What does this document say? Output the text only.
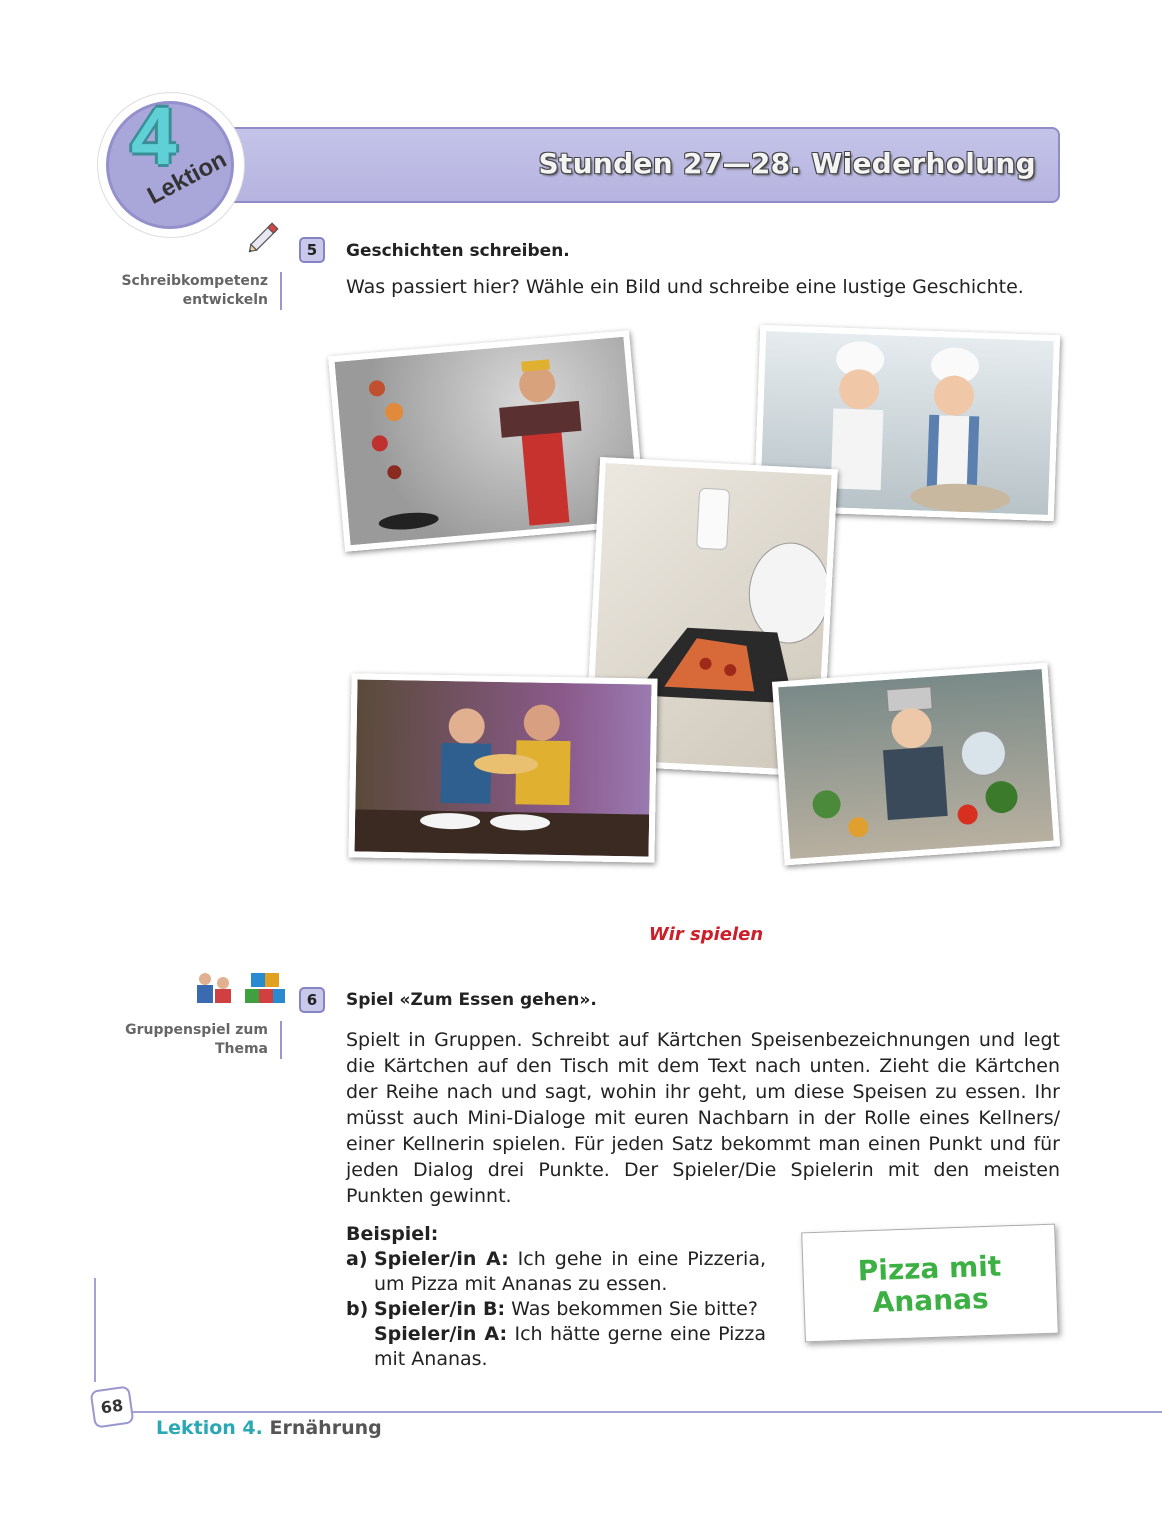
Stunden 27—28. Wiederholung
4
Lektion
5
Schreibkompetenz
entwickeln
Geschichten schreiben.
Was passiert hier? Wähle ein Bild und schreibe eine lustige Geschichte.
Wir spielen
6
Gruppenspiel zum
Thema
Spiel «Zum Essen gehen».
Spielt in Gruppen. Schreibt auf Kärtchen Speisenbezeichnungen und legt die Kärtchen auf den Tisch mit dem Text nach unten. Zieht die Kärtchen der Reihe nach und sagt, wohin ihr geht, um diese Speisen zu essen. Ihr müsst auch Mini-Dialoge mit euren Nachbarn in der Rolle eines Kellners/ einer Kellnerin spielen. Für jeden Satz bekommt man einen Punkt und für jeden Dialog drei Punkte. Der Spieler/Die Spielerin mit den meisten Punkten gewinnt.
Beispiel:
a) Spieler/in A: Ich gehe in eine Pizzeria, um Pizza mit Ananas zu essen.
b) Spieler/in B: Was bekommen Sie bitte?
Spieler/in A: Ich hätte gerne eine Pizza mit Ananas.
Pizza mit
Ananas
68
Lektion 4. Ernährung
